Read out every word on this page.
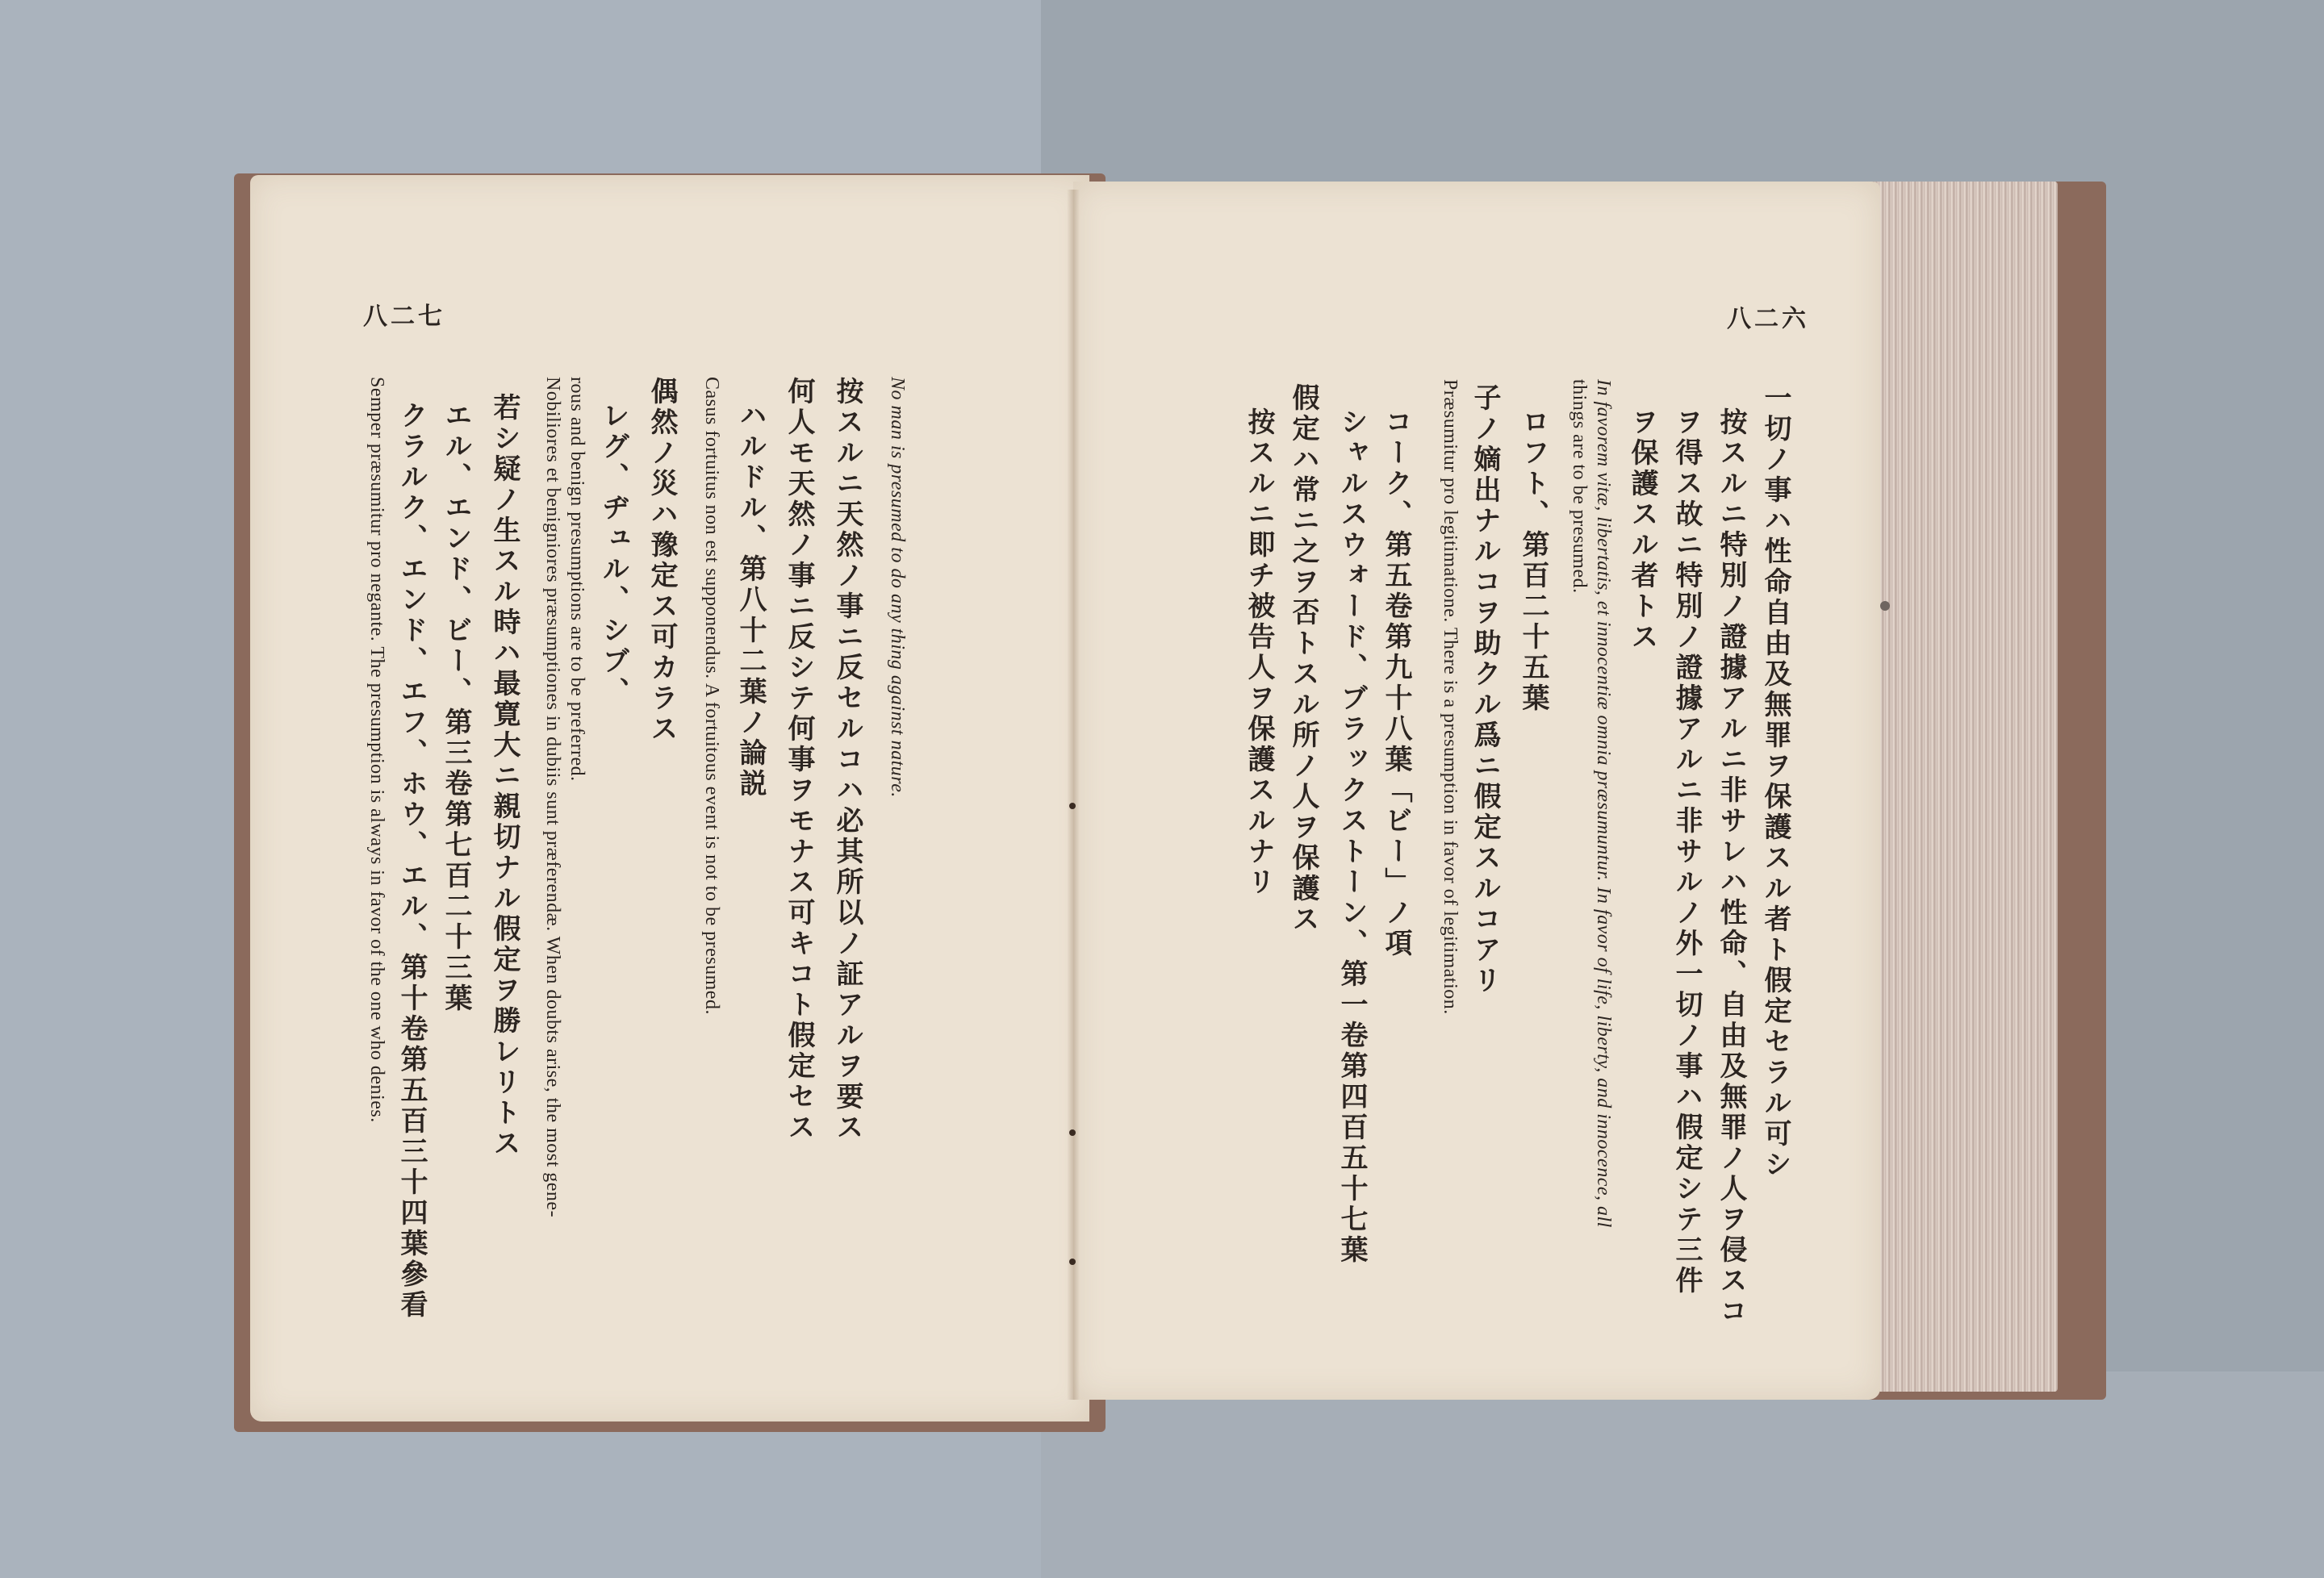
八二七
Semper præsumitur pro negante. The presumption is always in favor of the one who denies. クラルク、エンド、エフ、ホウ、エル、第十卷第五百三十四葉參看 エル、エンド、ビー、第三卷第七百二十三葉 若シ疑ノ生スル時ハ最寛大ニ親切ナル假定ヲ勝レリトス Nobiliores et benigniores præsumptiones in dubiis sunt præferendæ. When doubts arise, the most gene- rous and benign presumptions are to be preferred. レグ、ヂュル、シブ、 偶然ノ災ハ豫定ス可カラス Casus fortuitus non est supponendus. A fortuitous event is not to be presumed. ハルドル、第八十二葉ノ論説 何人モ天然ノ事ニ反シテ何事ヲモナス可キコト假定セス 按スルニ天然ノ事ニ反セルコハ必其所以ノ証アルヲ要ス No man is presumed to do any thing against nature.
八二六
一切ノ事ハ性命自由及無罪ヲ保護スル者ト假定セラル可シ
按スルニ特別ノ證據アルニ非サレハ性命、自由及無罪ノ人ヲ侵スコ
ヲ得ス故ニ特別ノ證據アルニ非サルノ外一切ノ事ハ假定シテ三件
ヲ保護スル者トス
In favorem vitæ, libertatis, et innocentiæ omnia præsumuntur. In favor of life, liberty, and innocence, all
things are to be presumed.
ロフト、第百二十五葉
子ノ嫡出ナルコヲ助クル爲ニ假定スルコアリ
Præsumitur pro legitimatione. There is a presumption in favor of legitimation.
コーク、第五卷第九十八葉「ビー」ノ項
シャルスウォード、ブラックストーン、第一卷第四百五十七葉
假定ハ常ニ之ヲ否トスル所ノ人ヲ保護ス
按スルニ即チ被告人ヲ保護スルナリ
